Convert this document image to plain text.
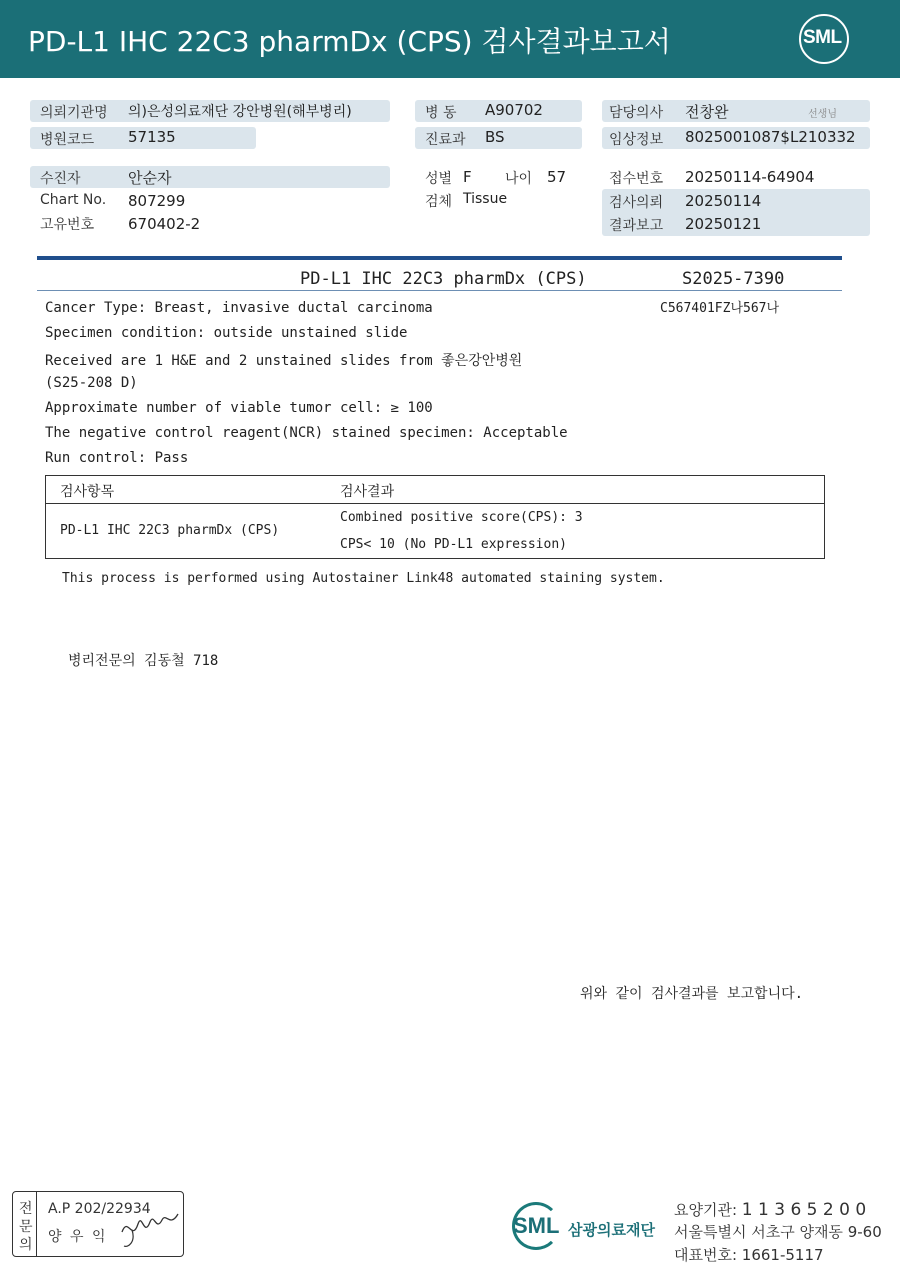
PD-L1 IHC 22C3 pharmDx (CPS) 검사결과보고서	SML
의뢰기관명 의)은성의료재단 강안병원(해부병리)
병원코드 57135
수진자	안순자
Chart No. 807299
고유번호 670402-2
병 동 A90702
진료과 BS
성별 F 나이 57
검체 Tissue
담당의사 전창완	선생님
임상정보 8025001087$L210332
접수번호 20250114-64904
검사의뢰 20250114
결과보고 20250121
PD-L1 IHC 22C3 pharmDx (CPS)	S2025-7390
C567401FZ나567나
Cancer Type: Breast, invasive ductal carcinoma
Specimen condition: outside unstained slide
Received are 1 H&E and 2 unstained slides from 좋은강안병원
(S25-208 D)
Approximate number of viable tumor cell: ≥ 100
The negative control reagent(NCR) stained specimen: Acceptable
Run control: Pass
검사항목	검사결과
PD-L1 IHC 22C3 pharmDx (CPS)
Combined positive score(CPS): 3
CPS< 10 (No PD-L1 expression)
This process is performed using Autostainer Link48 automated staining system.
병리전문의 김동철 718
위와 같이 검사결과를 보고합니다.
전
문
의
A.P 202/22934
양 우 익	SML 삼광의료재단
요양기관: 1 1 3 6 5 2 0 0
서울특별시 서초구 양재동 9-60
대표번호: 1661-5117
